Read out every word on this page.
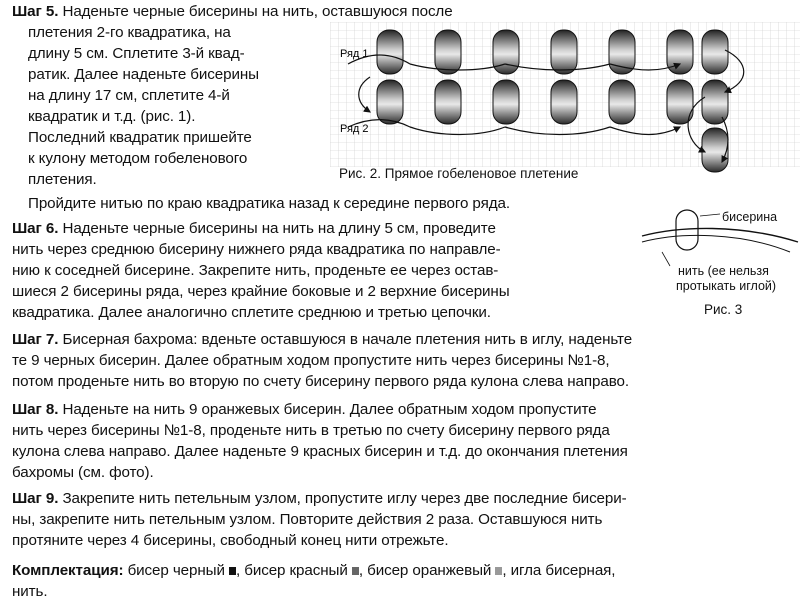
Шаг 5. Наденьте черные бисерины на нить, оставшуюся после
плетения 2-го квадратика, на
длину 5 см. Сплетите 3-й квад-
ратик. Далее наденьте бисерины
на длину 17 см, сплетите 4-й
квадратик и т.д. (рис. 1).
Последний квадратик пришейте
к кулону методом гобеленового
плетения.
Пройдите нитью по краю квадратика назад к середине первого ряда.
Ряд 1
Ряд 2
Рис. 2. Прямое гобеленовое плетение
Шаг 6. Наденьте черные бисерины на нить на длину 5 см, проведите
нить через среднюю бисерину нижнего ряда квадратика по направле-
нию к соседней бисерине. Закрепите нить, проденьте ее через остав-
шиеся 2 бисерины ряда, через крайние боковые и 2 верхние бисерины
квадратика. Далее аналогично сплетите среднюю и третью цепочки.
бисерина
нить (ее нельзя
протыкать иглой)
Рис. 3
Шаг 7. Бисерная бахрома: вденьте оставшуюся в начале плетения нить в иглу, наденьте
те 9 черных бисерин. Далее обратным ходом пропустите нить через бисерины №1-8,
потом проденьте нить во вторую по счету бисерину первого ряда кулона слева направо.
Шаг 8. Наденьте на нить 9 оранжевых бисерин. Далее обратным ходом пропустите
нить через бисерины №1-8, проденьте нить в третью по счету бисерину первого ряда
кулона слева направо. Далее наденьте 9 красных бисерин и т.д. до окончания плетения
бахромы (см. фото).
Шаг 9. Закрепите нить петельным узлом, пропустите иглу через две последние бисери-
ны, закрепите нить петельным узлом. Повторите действия 2 раза. Оставшуюся нить
протяните через 4 бисерины, свободный конец нити отрежьте.
Комплектация: бисер черный , бисер красный , бисер оранжевый , игла бисерная,
нить.
